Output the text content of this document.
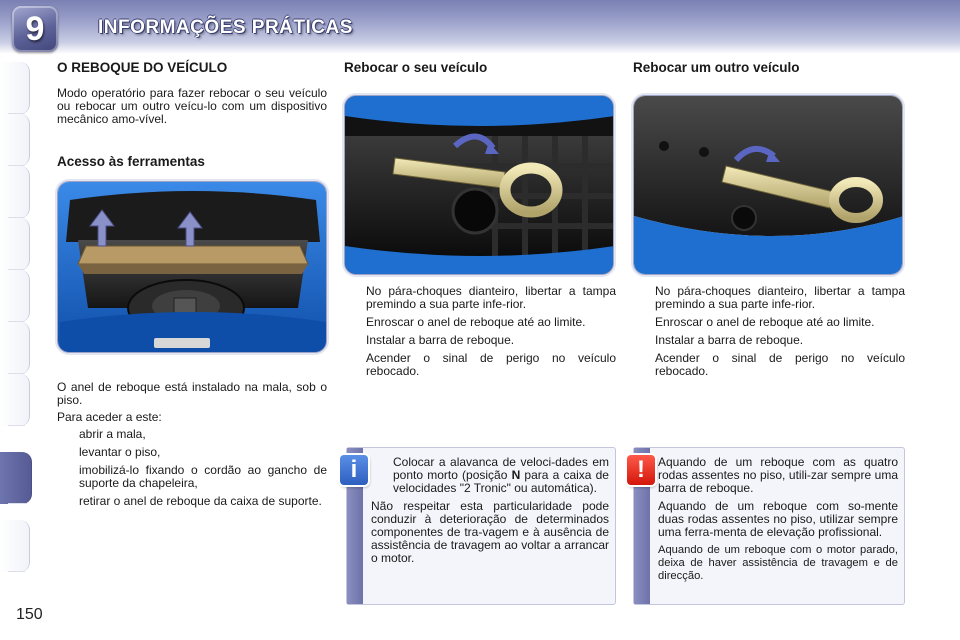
9	INFORMAÇÕES PRÁTICAS
150
O REBOQUE DO VEÍCULO

Modo operatório para fazer rebocar o seu veículo ou rebocar um outro veícu-lo com um dispositivo mecânico amo-vível.

Acesso às ferramentas

O anel de reboque está instalado na mala, sob o piso.

Para aceder a este:

abrir a mala,
levantar o piso,
imobilizá-lo fixando o cordão ao gancho de suporte da chapeleira,
retirar o anel de reboque da caixa de suporte.
Rebocar o seu veículo
No pára-choques dianteiro, libertar a tampa premindo a sua parte infe-rior.
Enroscar o anel de reboque até ao limite.
Instalar a barra de reboque.
Acender o sinal de perigo no veículo rebocado.
Rebocar um outro veículo
No pára-choques dianteiro, libertar a tampa premindo a sua parte infe-rior.
Enroscar o anel de reboque até ao limite.
Instalar a barra de reboque.
Acender o sinal de perigo no veículo rebocado.
Colocar a alavanca de veloci-dades em ponto morto (posição N para a caixa de velocidades "2 Tronic" ou automática).

Não respeitar esta particularidade pode conduzir à deterioração de determinados componentes de tra-vagem e à ausência de assistência de travagem ao voltar a arrancar o motor.

i	Aquando de um reboque com as quatro rodas assentes no piso, utili-zar sempre uma barra de reboque.

Aquando de um reboque com so-mente duas rodas assentes no piso, utilizar sempre uma ferra-menta de elevação profissional.

Aquando de um reboque com o motor parado, deixa de haver assistência de travagem e de direcção.

!
